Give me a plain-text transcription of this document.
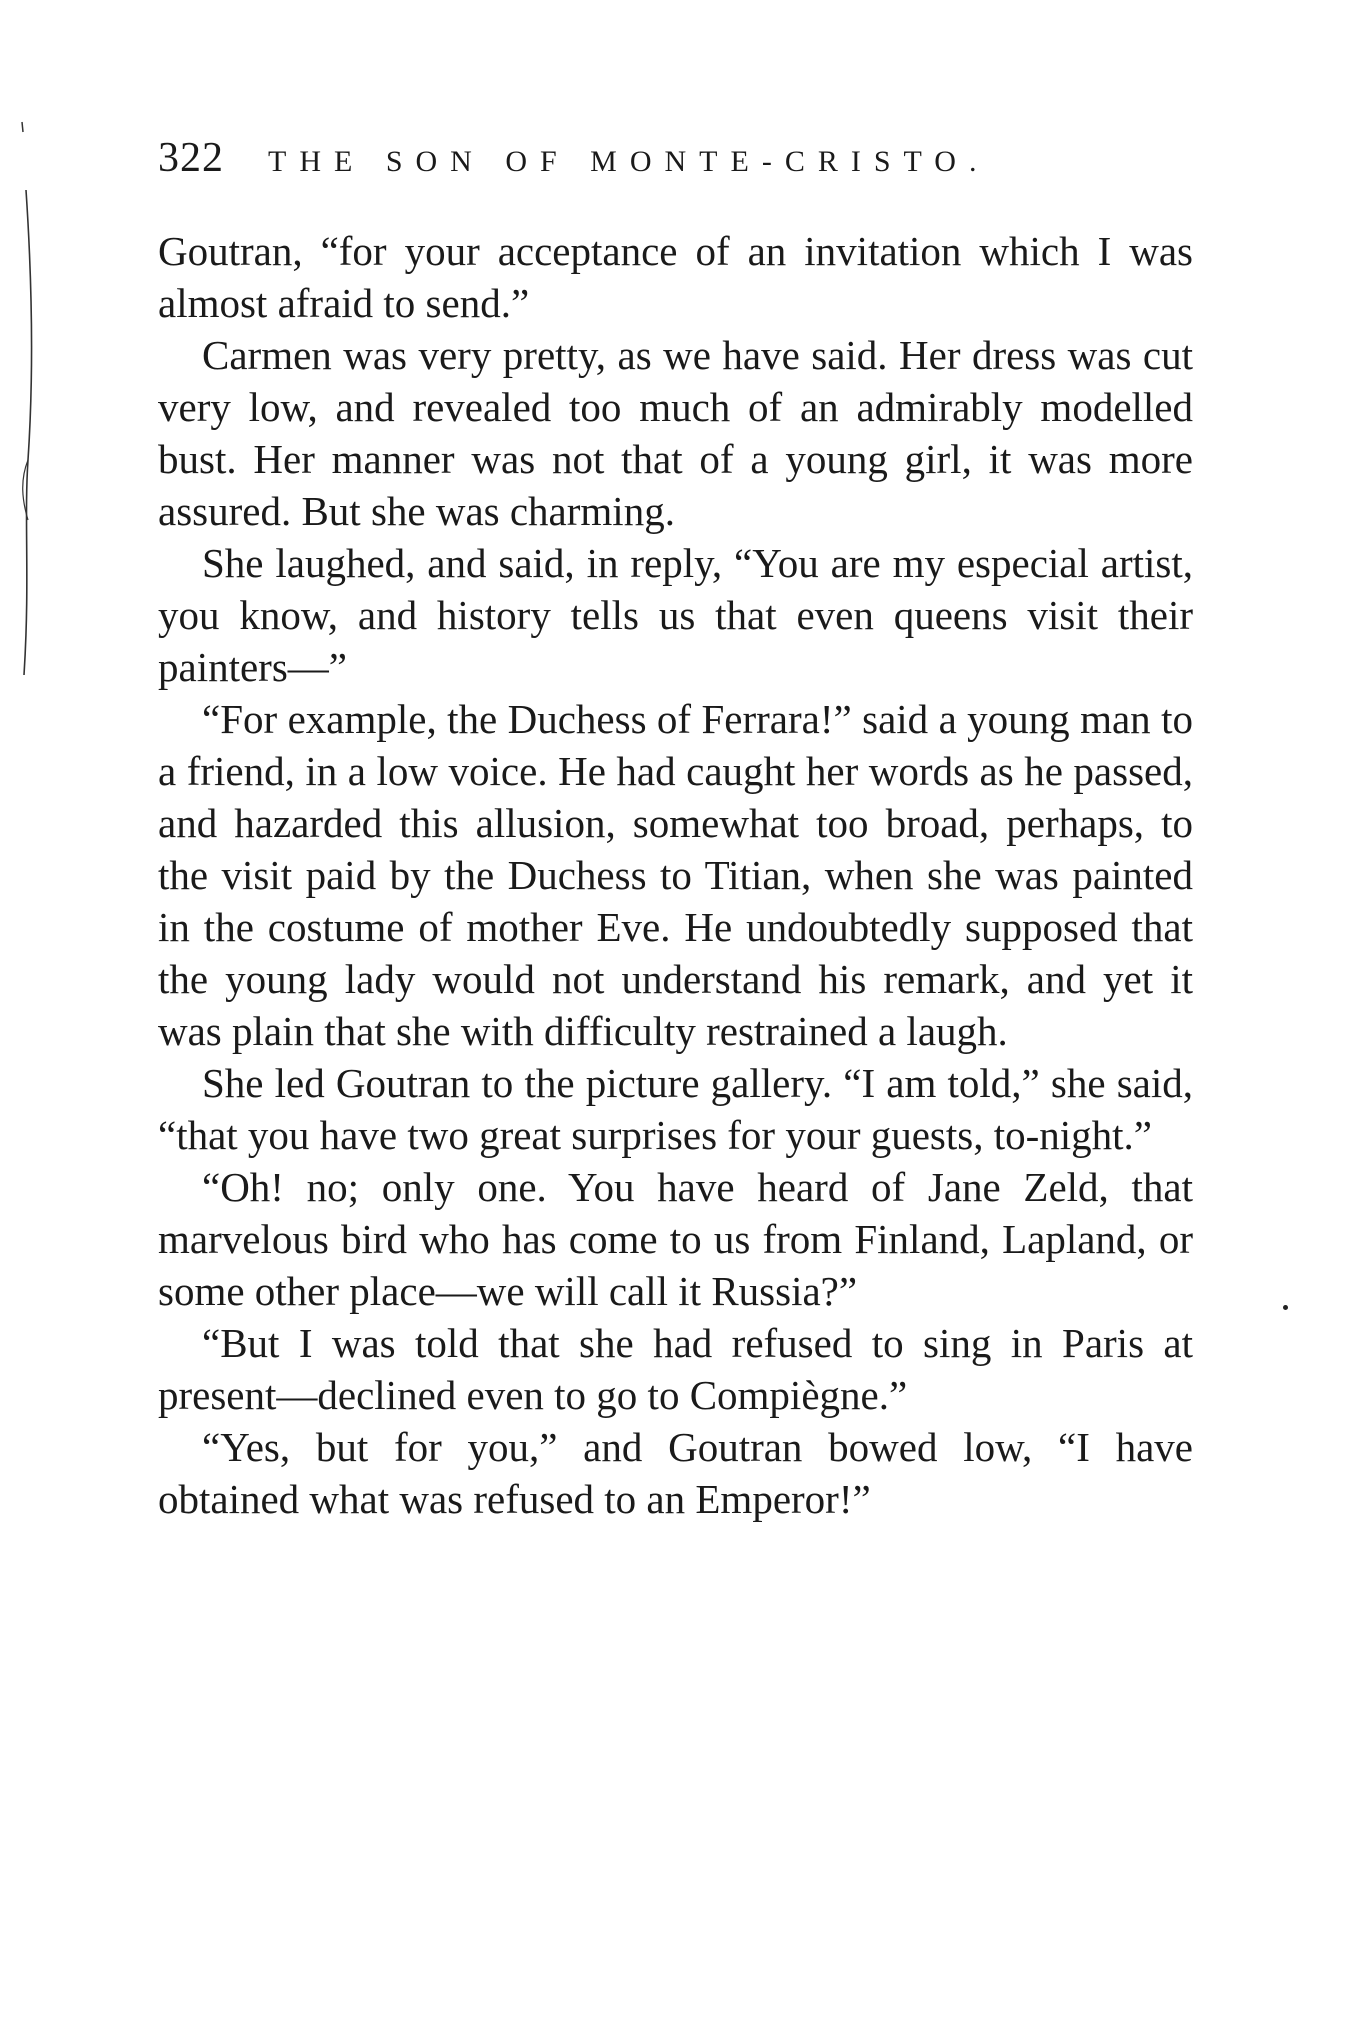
322 THE SON OF MONTE-CRISTO.

Goutran, “for your acceptance of an invitation which I was almost afraid to send.”

Carmen was very pretty, as we have said. Her dress was cut very low, and revealed too much of an admirably modelled bust. Her manner was not that of a young girl, it was more assured. But she was charming.

She laughed, and said, in reply, “You are my especial artist, you know, and history tells us that even queens visit their painters—”

“For example, the Duchess of Ferrara!” said a young man to a friend, in a low voice. He had caught her words as he passed, and hazarded this allusion, somewhat too broad, perhaps, to the visit paid by the Duchess to Titian, when she was painted in the costume of mother Eve. He undoubtedly supposed that the young lady would not understand his remark, and yet it was plain that she with difficulty restrained a laugh.

She led Goutran to the picture gallery. “I am told,” she said, “that you have two great surprises for your guests, to-night.”

“Oh! no; only one. You have heard of Jane Zeld, that marvelous bird who has come to us from Finland, Lapland, or some other place—we will call it Russia?”

“But I was told that she had refused to sing in Paris at present—declined even to go to Compiègne.”

“Yes, but for you,” and Goutran bowed low, “I have obtained what was refused to an Emperor!”
